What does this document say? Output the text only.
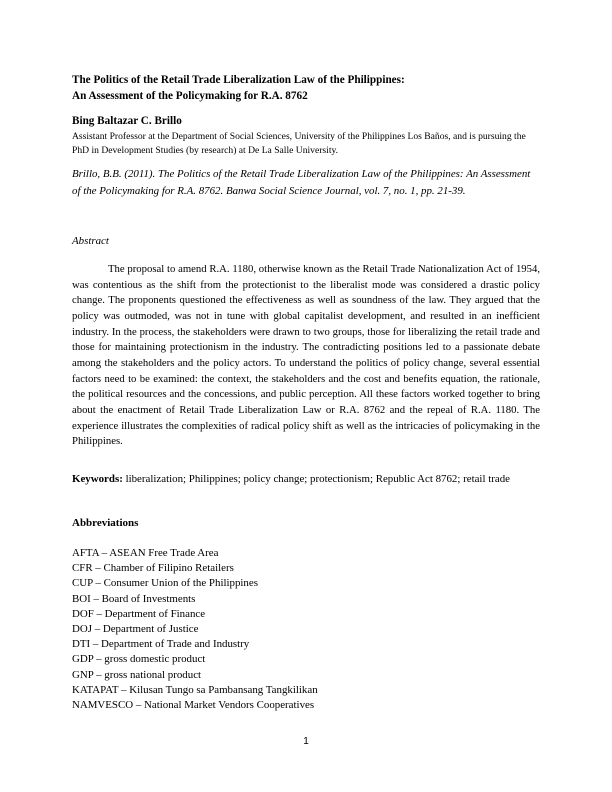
The Politics of the Retail Trade Liberalization Law of the Philippines:
An Assessment of the Policymaking for R.A. 8762
Bing Baltazar C. Brillo
Assistant Professor at the Department of Social Sciences, University of the Philippines Los Baños, and is pursuing the PhD in Development Studies (by research) at De La Salle University.
Brillo, B.B. (2011). The Politics of the Retail Trade Liberalization Law of the Philippines: An Assessment of the Policymaking for R.A. 8762. Banwa Social Science Journal, vol. 7, no. 1, pp. 21-39.
Abstract
The proposal to amend R.A. 1180, otherwise known as the Retail Trade Nationalization Act of 1954, was contentious as the shift from the protectionist to the liberalist mode was considered a drastic policy change. The proponents questioned the effectiveness as well as soundness of the law. They argued that the policy was outmoded, was not in tune with global capitalist development, and resulted in an inefficient industry. In the process, the stakeholders were drawn to two groups, those for liberalizing the retail trade and those for maintaining protectionism in the industry. The contradicting positions led to a passionate debate among the stakeholders and the policy actors. To understand the politics of policy change, several essential factors need to be examined: the context, the stakeholders and the cost and benefits equation, the rationale, the political resources and the concessions, and public perception. All these factors worked together to bring about the enactment of Retail Trade Liberalization Law or R.A. 8762 and the repeal of R.A. 1180. The experience illustrates the complexities of radical policy shift as well as the intricacies of policymaking in the Philippines.
Keywords: liberalization; Philippines; policy change; protectionism; Republic Act 8762; retail trade
Abbreviations
AFTA – ASEAN Free Trade Area
CFR – Chamber of Filipino Retailers
CUP – Consumer Union of the Philippines
BOI – Board of Investments
DOF – Department of Finance
DOJ – Department of Justice
DTI – Department of Trade and Industry
GDP – gross domestic product
GNP – gross national product
KATAPAT – Kilusan Tungo sa Pambansang Tangkilikan
NAMVESCO – National Market Vendors Cooperatives
1
